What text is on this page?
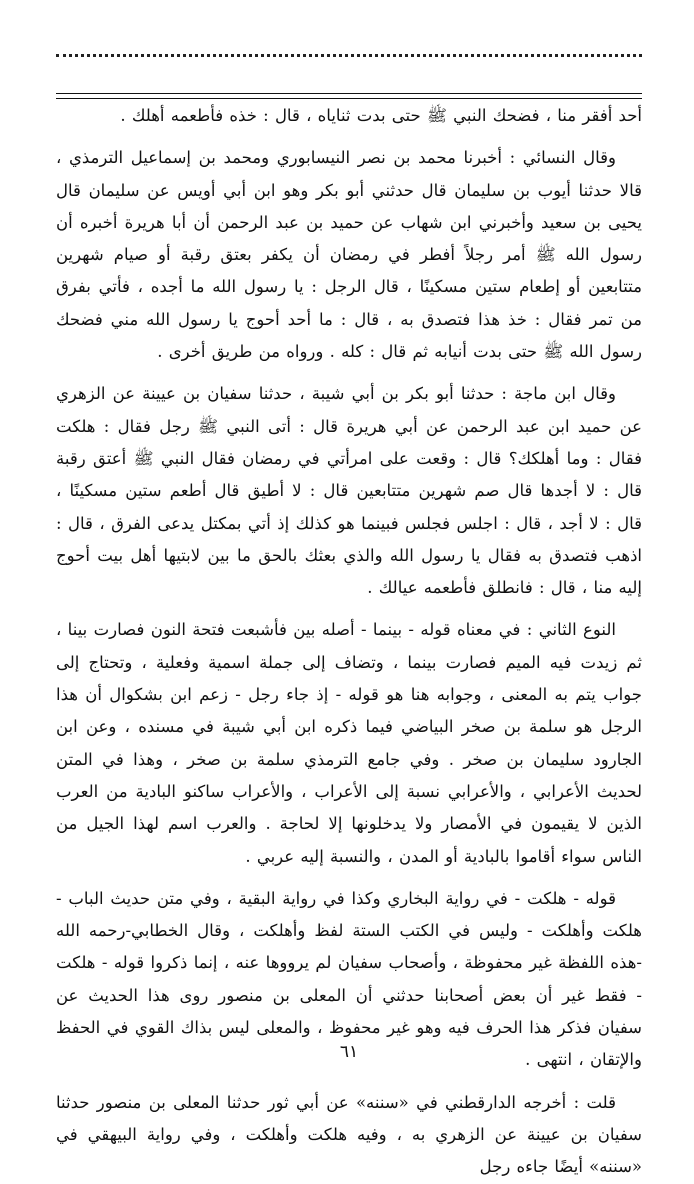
أحد أفقر منا ، فضحك النبي ﷺ حتى بدت ثناياه ، قال : خذه فأطعمه أهلك .

وقال النسائي : أخبرنا محمد بن نصر النيسابوري ومحمد بن إسماعيل الترمذي ، قالا حدثنا أيوب بن سليمان قال حدثني أبو بكر وهو ابن أبي أويس عن سليمان قال يحيى بن سعيد وأخبرني ابن شهاب عن حميد بن عبد الرحمن أن أبا هريرة أخبره أن رسول الله ﷺ أمر رجلاً أفطر في رمضان أن يكفر بعتق رقبة أو صيام شهرين متتابعين أو إطعام ستين مسكينًا ، قال الرجل : يا رسول الله ما أجده ، فأتي بفرق من تمر فقال : خذ هذا فتصدق به ، قال : ما أحد أحوج يا رسول الله مني فضحك رسول الله ﷺ حتى بدت أنيابه ثم قال : كله . ورواه من طريق أخرى .

وقال ابن ماجة : حدثنا أبو بكر بن أبي شيبة ، حدثنا سفيان بن عيينة عن الزهري عن حميد ابن عبد الرحمن عن أبي هريرة قال : أتى النبي ﷺ رجل فقال : هلكت فقال : وما أهلكك؟ قال : وقعت على امرأتي في رمضان فقال النبي ﷺ أعتق رقبة قال : لا أجدها قال صم شهرين متتابعين قال : لا أطيق قال أطعم ستين مسكينًا ، قال : لا أجد ، قال : اجلس فجلس فبينما هو كذلك إذ أتي بمكتل يدعى الفرق ، قال : اذهب فتصدق به فقال يا رسول الله والذي بعثك بالحق ما بين لابتيها أهل بيت أحوج إليه منا ، قال : فانطلق فأطعمه عيالك .

النوع الثاني : في معناه قوله - بينما - أصله بين فأشبعت فتحة النون فصارت بينا ، ثم زيدت فيه الميم فصارت بينما ، وتضاف إلى جملة اسمية وفعلية ، وتحتاج إلى جواب يتم به المعنى ، وجوابه هنا هو قوله - إذ جاء رجل - زعم ابن بشكوال أن هذا الرجل هو سلمة بن صخر البياضي فيما ذكره ابن أبي شيبة في مسنده ، وعن ابن الجارود سليمان بن صخر . وفي جامع الترمذي سلمة بن صخر ، وهذا في المتن لحديث الأعرابي ، والأعرابي نسبة إلى الأعراب ، والأعراب ساكنو البادية من العرب الذين لا يقيمون في الأمصار ولا يدخلونها إلا لحاجة . والعرب اسم لهذا الجيل من الناس سواء أقاموا بالبادية أو المدن ، والنسبة إليه عربي .

قوله - هلكت - في رواية البخاري وكذا في رواية البقية ، وفي متن حديث الباب - هلكت وأهلكت - وليس في الكتب الستة لفظ وأهلكت ، وقال الخطابي-رحمه الله -هذه اللفظة غير محفوظة ، وأصحاب سفيان لم يرووها عنه ، إنما ذكروا قوله - هلكت - فقط غير أن بعض أصحابنا حدثني أن المعلى بن منصور روى هذا الحديث عن سفيان فذكر هذا الحرف فيه وهو غير محفوظ ، والمعلى ليس بذاك القوي في الحفظ والإتقان ، انتهى .

قلت : أخرجه الدارقطني في «سننه» عن أبي ثور حدثنا المعلى بن منصور حدثنا سفيان بن عيينة عن الزهري به ، وفيه هلكت وأهلكت ، وفي رواية البيهقي في «سننه» أيضًا جاءه رجل

٦١
